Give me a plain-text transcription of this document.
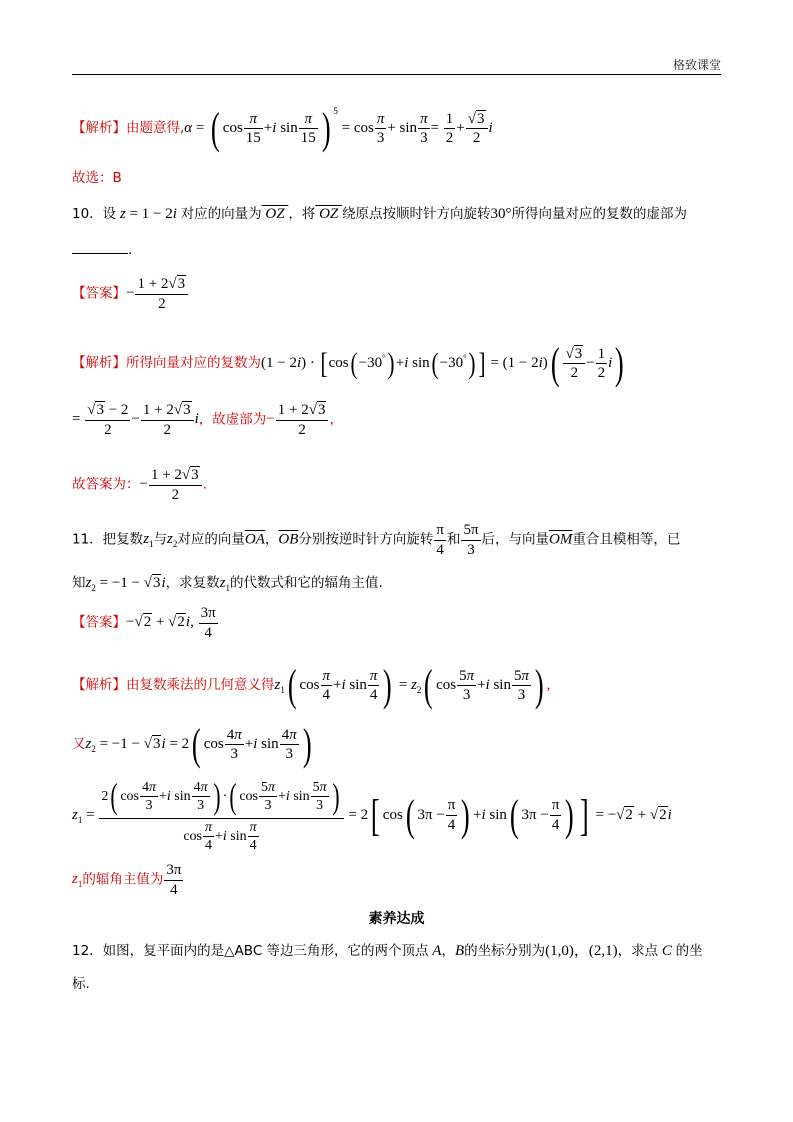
格致课堂
【解析】由题意得,α = ( $\cos \frac{\pi}{15} +i$ $\sin \frac{\pi}{15}$ ) $^5 = \cos \frac{\pi}{3} + \sin \frac{\pi}{3} = \frac{1}{2} + \frac{√3}{2}$ i
故选：B
10．设 z = 1 − 2i 对应的向量为 OZ ，将 OZ 绕原点按顺时针方向旋转30°所得向量对应的复数的虚部为
.
【答案】− $\frac{1 + 2√3}{2}$
【解析】所得向量对应的复数为(1 − 2i) · [ cos( −30°) +i sin( −30°) ] = $(1 - 2i)( \frac{√3}{2} - \frac{1}{2} i)$
= $\frac{√3 - 2}{2} - \frac{1 + 2√3}{2}$ i，故虚部为− $\frac{1 + 2√3}{2}$ ，
故答案为：− $\frac{1 + 2√3}{2}$ .
11．把复数$z_1$与$z_2$对应的向量$\overline{OA}$，$\overline{OB}$分别按逆时针方向旋转 $\frac{\pi}{4}$ 和 $\frac{5\pi}{3}$ 后，与向量$\overline{OM}$重合且模相等，已
知$z_2 = -1 - √3i$，求复数$z_1$的代数式和它的辐角主值.
【答案】−√2 + √2i, $\frac{3\pi}{4}$
【解析】由复数乘法的几何意义得$z_1$( $\cos \frac{\pi}{4} +i$ $\sin \frac{\pi}{4}$ ) = $z_2$( $\cos \frac{5\pi}{3} +i$ $\sin \frac{5\pi}{3}$ ) ,
又$z_2 = -1 - √3i = 2$( $\cos \frac{4\pi}{3} +i$ $\sin \frac{4\pi}{3}$ )
$z_1 = \frac{2( \cos \frac{4\pi}{3} +i \sin \frac{4\pi}{3} ) \cdot( \cos \frac{5\pi}{3} +i \sin \frac{5\pi}{3} )}{\cos \frac{\pi}{4} +i \sin \frac{\pi}{4}} = 2$[ cos( $3\pi - \frac{\pi}{4}$ ) +i sin( $3\pi - \frac{\pi}{4}$ ) ] = −√2 + √2i
$z_1$的辐角主值为 $\frac{3\pi}{4}$
素养达成
12．如图，复平面内的是△ABC 等边三角形，它的两个顶点 A，B的坐标分别为(1,0)，(2,1)，求点 C 的坐
标.
